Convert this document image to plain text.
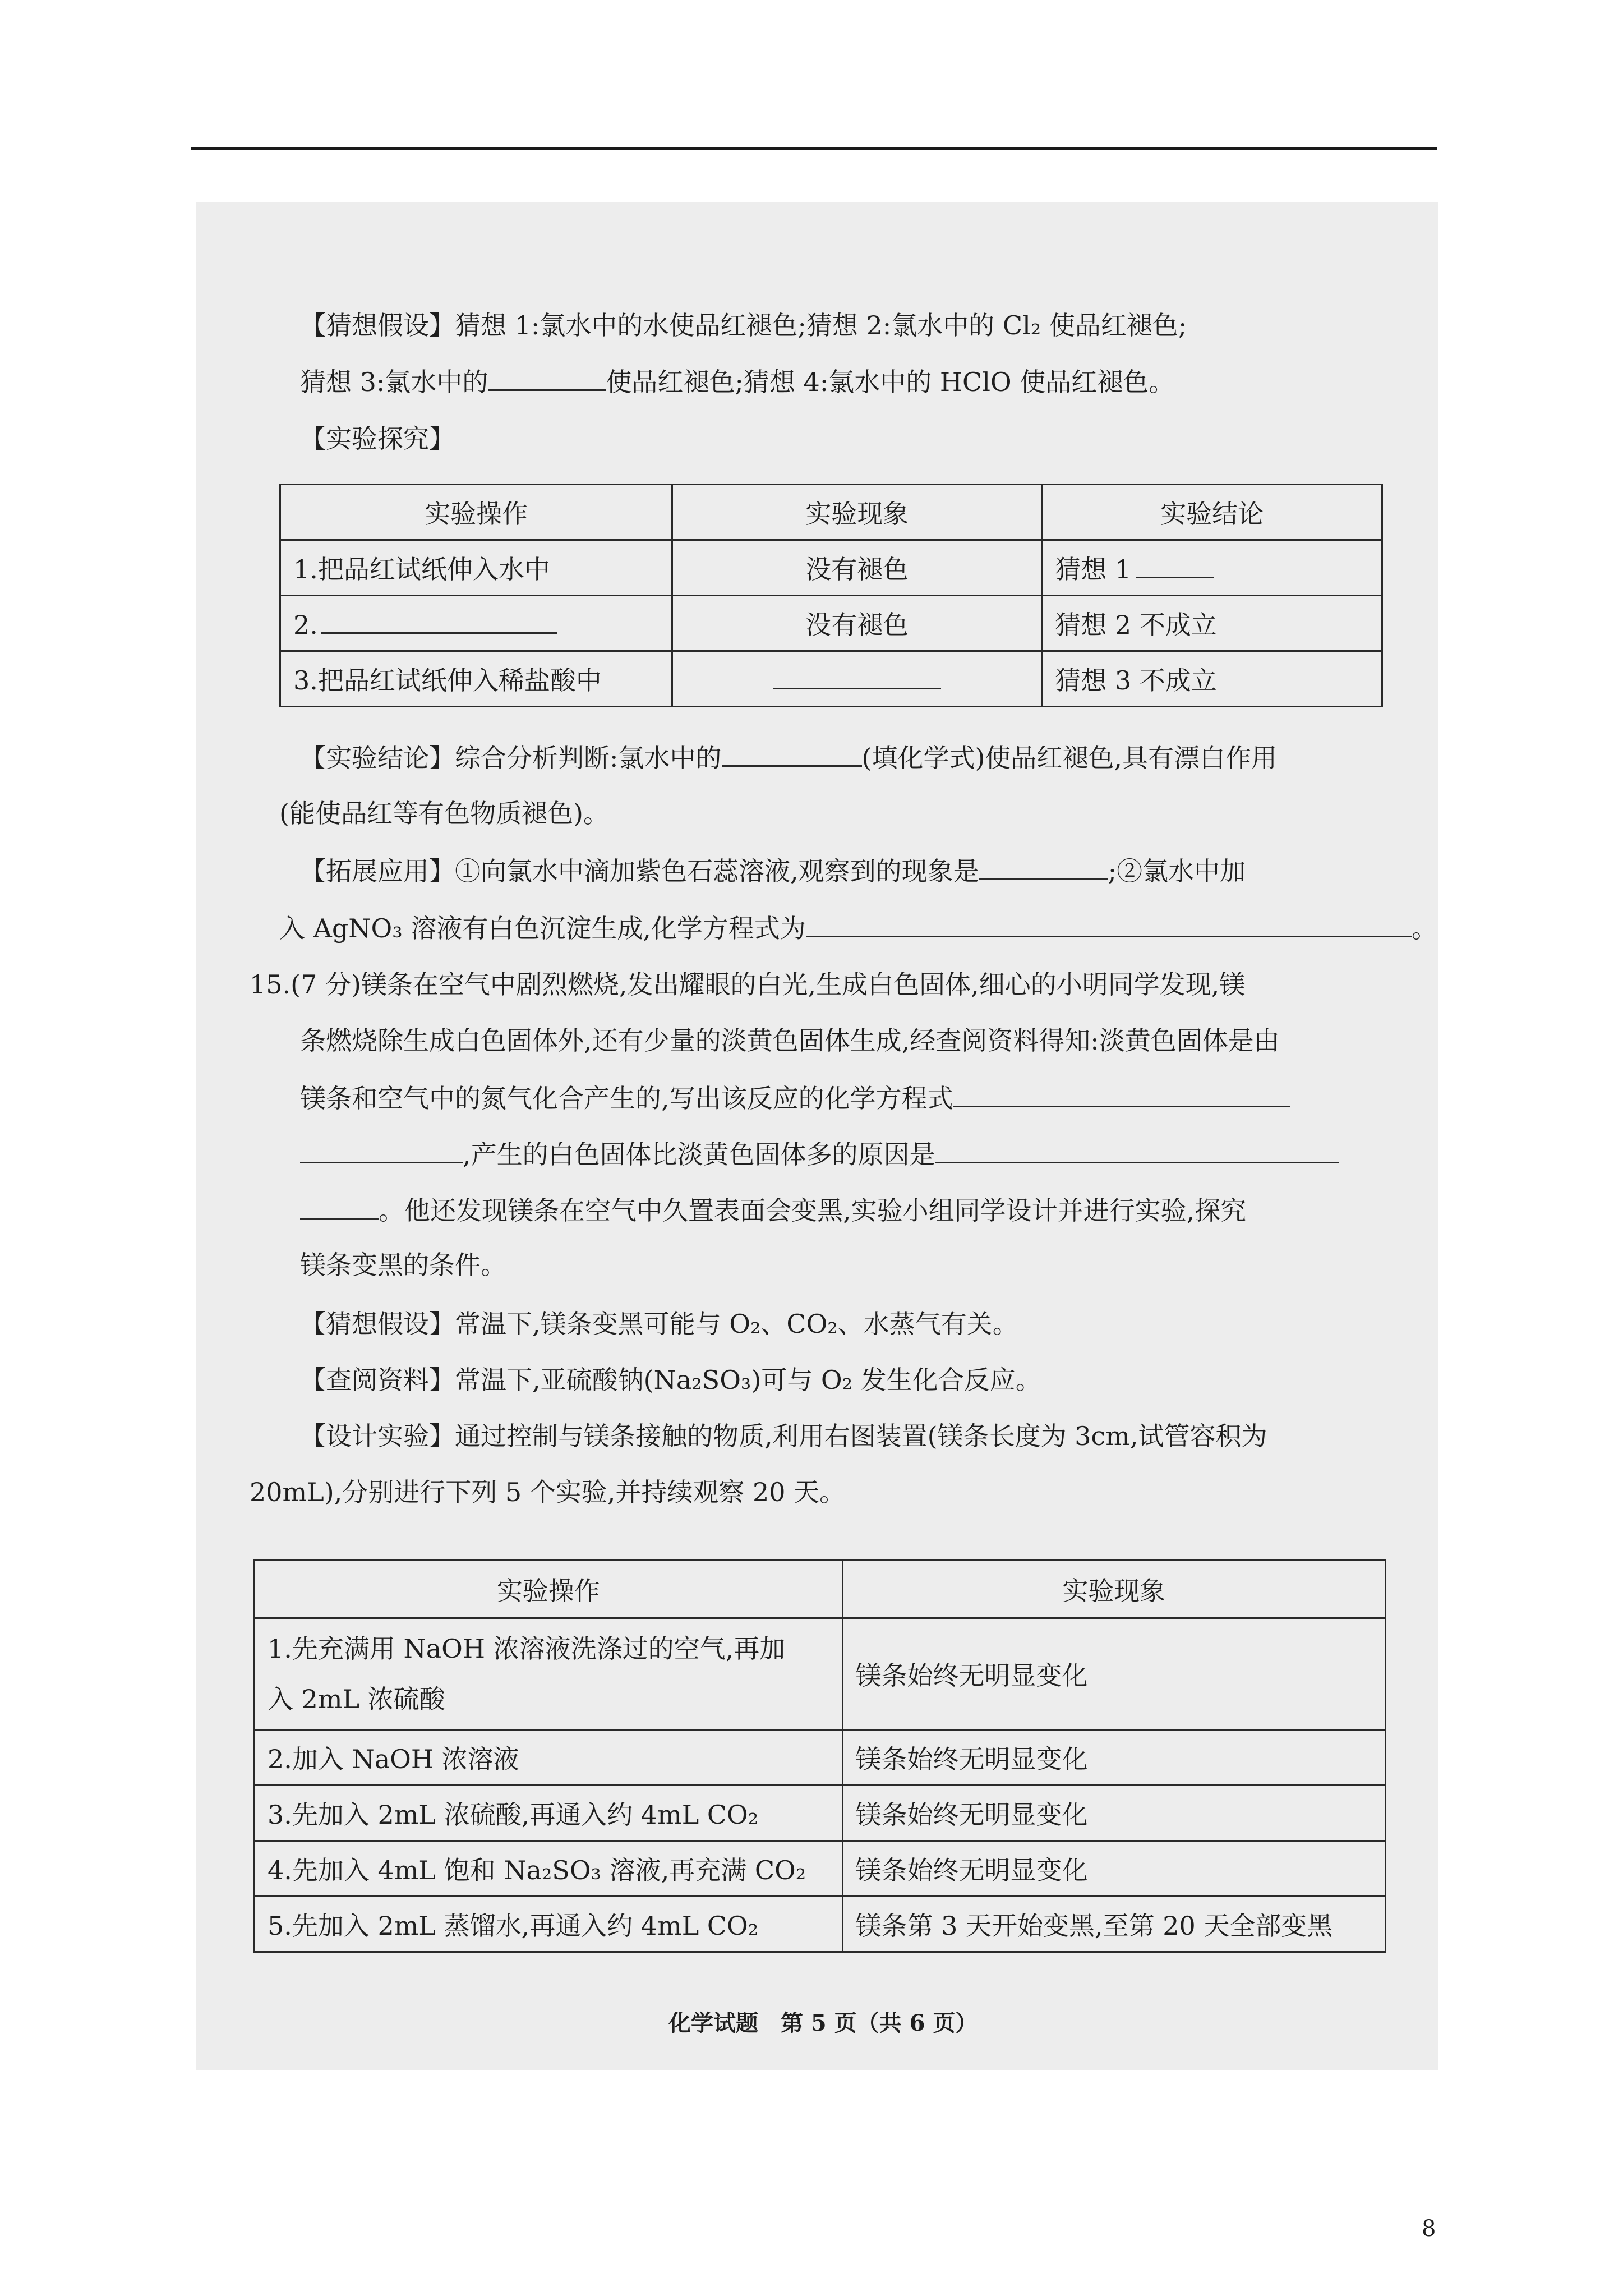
【猜想假设】猜想 1:氯水中的水使品红褪色;猜想 2:氯水中的 Cl₂ 使品红褪色;
猜想 3:氯水中的	使品红褪色;猜想 4:氯水中的 HClO 使品红褪色。
【实验探究】
实验操作	实验现象	实验结论
1.把品红试纸伸入水中	没有褪色	猜想 1
2.	没有褪色	猜想 2 不成立
3.把品红试纸伸入稀盐酸中		猜想 3 不成立
【实验结论】综合分析判断:氯水中的	(填化学式)使品红褪色,具有漂白作用
(能使品红等有色物质褪色)。
【拓展应用】①向氯水中滴加紫色石蕊溶液,观察到的现象是	;②氯水中加
入 AgNO₃ 溶液有白色沉淀生成,化学方程式为	。
15.(7 分)镁条在空气中剧烈燃烧,发出耀眼的白光,生成白色固体,细心的小明同学发现,镁
条燃烧除生成白色固体外,还有少量的淡黄色固体生成,经查阅资料得知:淡黄色固体是由
镁条和空气中的氮气化合产生的,写出该反应的化学方程式
,产生的白色固体比淡黄色固体多的原因是
。他还发现镁条在空气中久置表面会变黑,实验小组同学设计并进行实验,探究
镁条变黑的条件。
【猜想假设】常温下,镁条变黑可能与 O₂、CO₂、水蒸气有关。
【查阅资料】常温下,亚硫酸钠(Na₂SO₃)可与 O₂ 发生化合反应。
【设计实验】通过控制与镁条接触的物质,利用右图装置(镁条长度为 3cm,试管容积为
20mL),分别进行下列 5 个实验,并持续观察 20 天。
实验操作	实验现象

1.先充满用 NaOH 浓溶液洗涤过的空气,再加
入 2mL 浓硫酸	镁条始终无明显变化
2.加入 NaOH 浓溶液	镁条始终无明显变化
3.先加入 2mL 浓硫酸,再通入约 4mL CO₂	镁条始终无明显变化
4.先加入 4mL 饱和 Na₂SO₃ 溶液,再充满 CO₂	镁条始终无明显变化
5.先加入 2mL 蒸馏水,再通入约 4mL CO₂	镁条第 3 天开始变黑,至第 20 天全部变黑
化学试题　第 5 页（共 6 页）
8
